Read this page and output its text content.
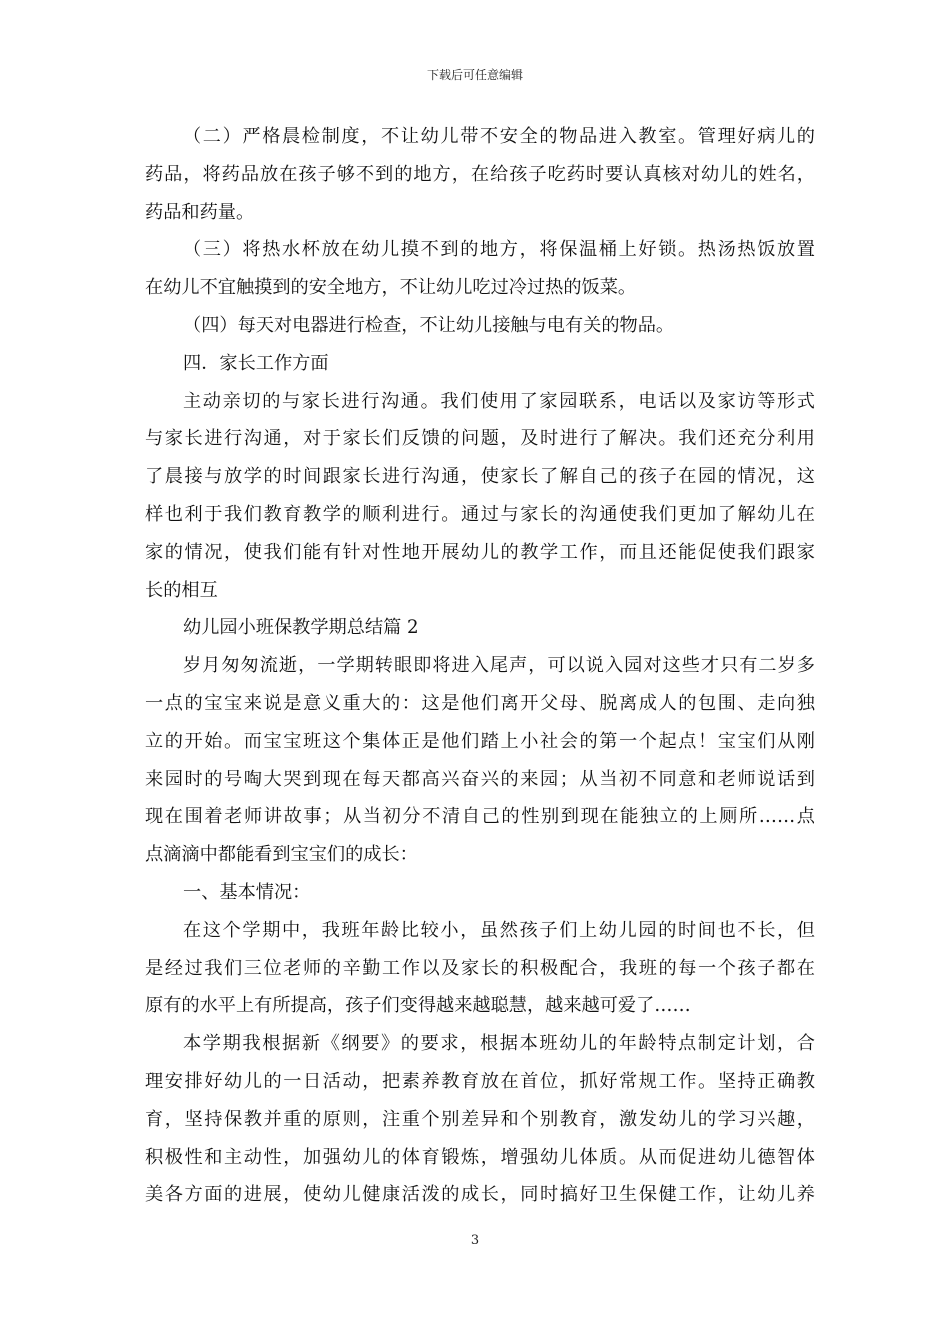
下载后可任意编辑
（二）严格晨检制度，不让幼儿带不安全的物品进入教室。管理好病儿的
药品，将药品放在孩子够不到的地方，在给孩子吃药时要认真核对幼儿的姓名，
药品和药量。
（三）将热水杯放在幼儿摸不到的地方，将保温桶上好锁。热汤热饭放置
在幼儿不宜触摸到的安全地方，不让幼儿吃过冷过热的饭菜。
（四）每天对电器进行检查，不让幼儿接触与电有关的物品。
四．家长工作方面
主动亲切的与家长进行沟通。我们使用了家园联系，电话以及家访等形式
与家长进行沟通，对于家长们反馈的问题，及时进行了解决。我们还充分利用
了晨接与放学的时间跟家长进行沟通，使家长了解自己的孩子在园的情况，这
样也利于我们教育教学的顺利进行。通过与家长的沟通使我们更加了解幼儿在
家的情况，使我们能有针对性地开展幼儿的教学工作，而且还能促使我们跟家
长的相互
幼儿园小班保教学期总结篇 2
岁月匆匆流逝，一学期转眼即将进入尾声，可以说入园对这些才只有二岁多
一点的宝宝来说是意义重大的：这是他们离开父母、脱离成人的包围、走向独
立的开始。而宝宝班这个集体正是他们踏上小社会的第一个起点！宝宝们从刚
来园时的号啕大哭到现在每天都高兴奋兴的来园；从当初不同意和老师说话到
现在围着老师讲故事；从当初分不清自己的性别到现在能独立的上厕所……点
点滴滴中都能看到宝宝们的成长：
一、基本情况：
在这个学期中，我班年龄比较小，虽然孩子们上幼儿园的时间也不长，但
是经过我们三位老师的辛勤工作以及家长的积极配合，我班的每一个孩子都在
原有的水平上有所提高，孩子们变得越来越聪慧，越来越可爱了……
本学期我根据新《纲要》的要求，根据本班幼儿的年龄特点制定计划，合
理安排好幼儿的一日活动，把素养教育放在首位，抓好常规工作。坚持正确教
育，坚持保教并重的原则，注重个别差异和个别教育，激发幼儿的学习兴趣，
积极性和主动性，加强幼儿的体育锻炼，增强幼儿体质。从而促进幼儿德智体
美各方面的进展，使幼儿健康活泼的成长，同时搞好卫生保健工作，让幼儿养
3
